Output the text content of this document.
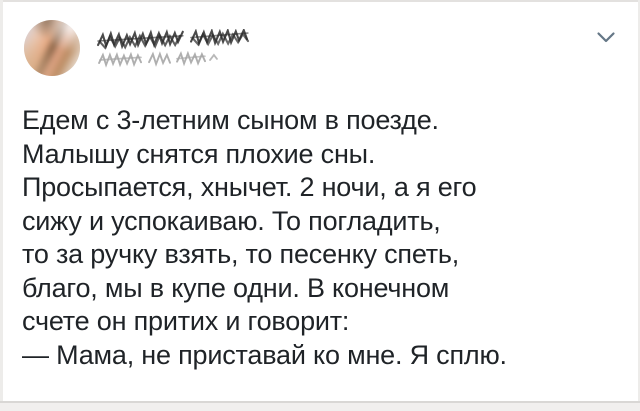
Едем с 3-летним сыном в поезде.
Малышу снятся плохие сны.
Просыпается, хнычет. 2 ночи, а я его
сижу и успокаиваю. То погладить,
то за ручку взять, то песенку спеть,
благо, мы в купе одни. В конечном
счете он притих и говорит:
— Мама, не приставай ко мне. Я сплю.
